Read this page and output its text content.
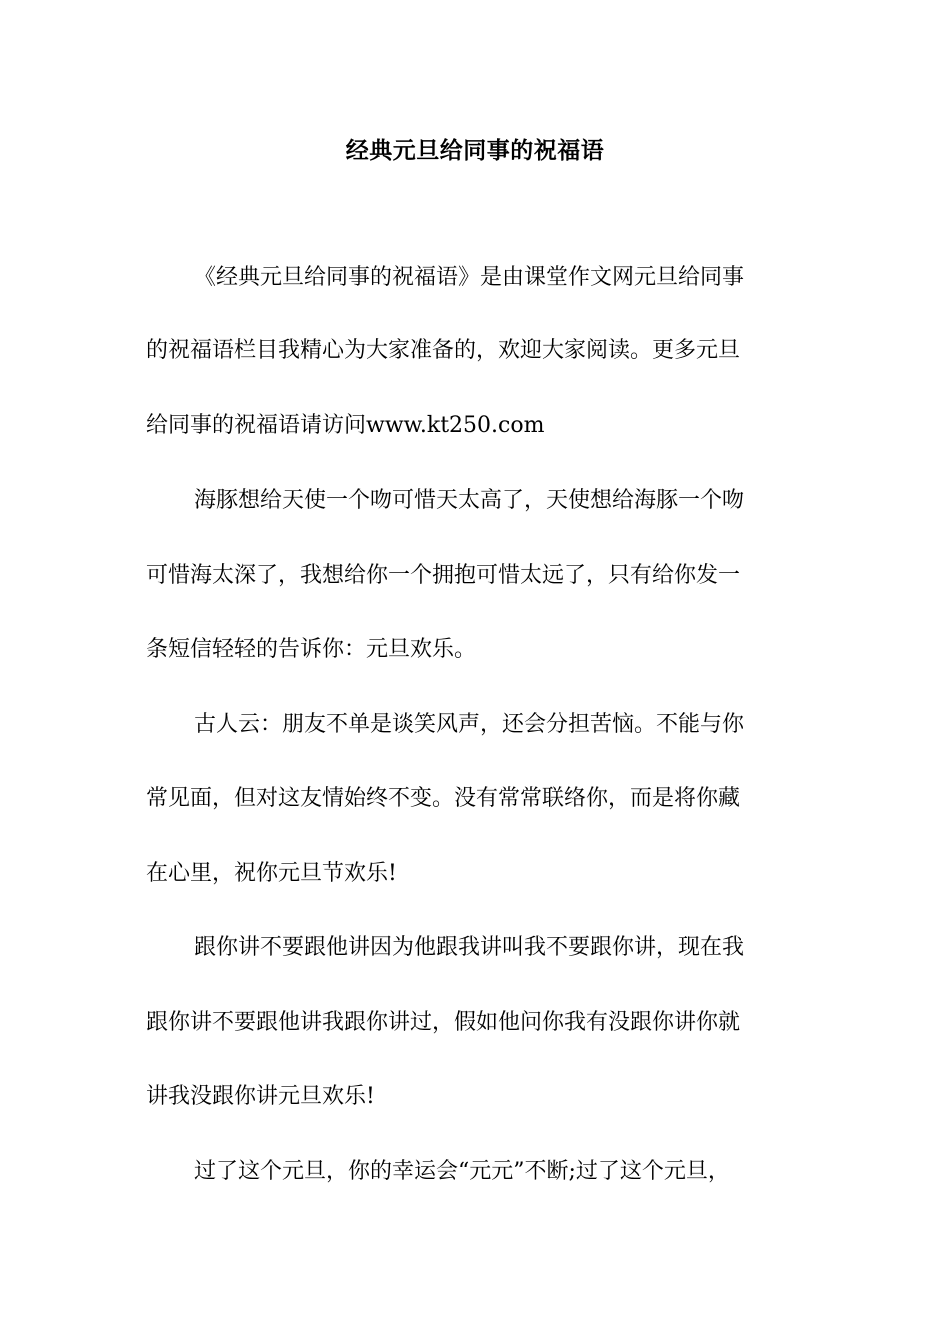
经典元旦给同事的祝福语
《经典元旦给同事的祝福语》是由课堂作文网元旦给同事
的祝福语栏目我精心为大家准备的，欢迎大家阅读。更多元旦
给同事的祝福语请访问www.kt250.com
海豚想给天使一个吻可惜天太高了，天使想给海豚一个吻
可惜海太深了，我想给你一个拥抱可惜太远了，只有给你发一
条短信轻轻的告诉你：元旦欢乐。
古人云：朋友不单是谈笑风声，还会分担苦恼。不能与你
常见面，但对这友情始终不变。没有常常联络你，而是将你藏
在心里，祝你元旦节欢乐!
跟你讲不要跟他讲因为他跟我讲叫我不要跟你讲，现在我
跟你讲不要跟他讲我跟你讲过，假如他问你我有没跟你讲你就
讲我没跟你讲元旦欢乐!
过了这个元旦，你的幸运会“元元”不断;过了这个元旦，
